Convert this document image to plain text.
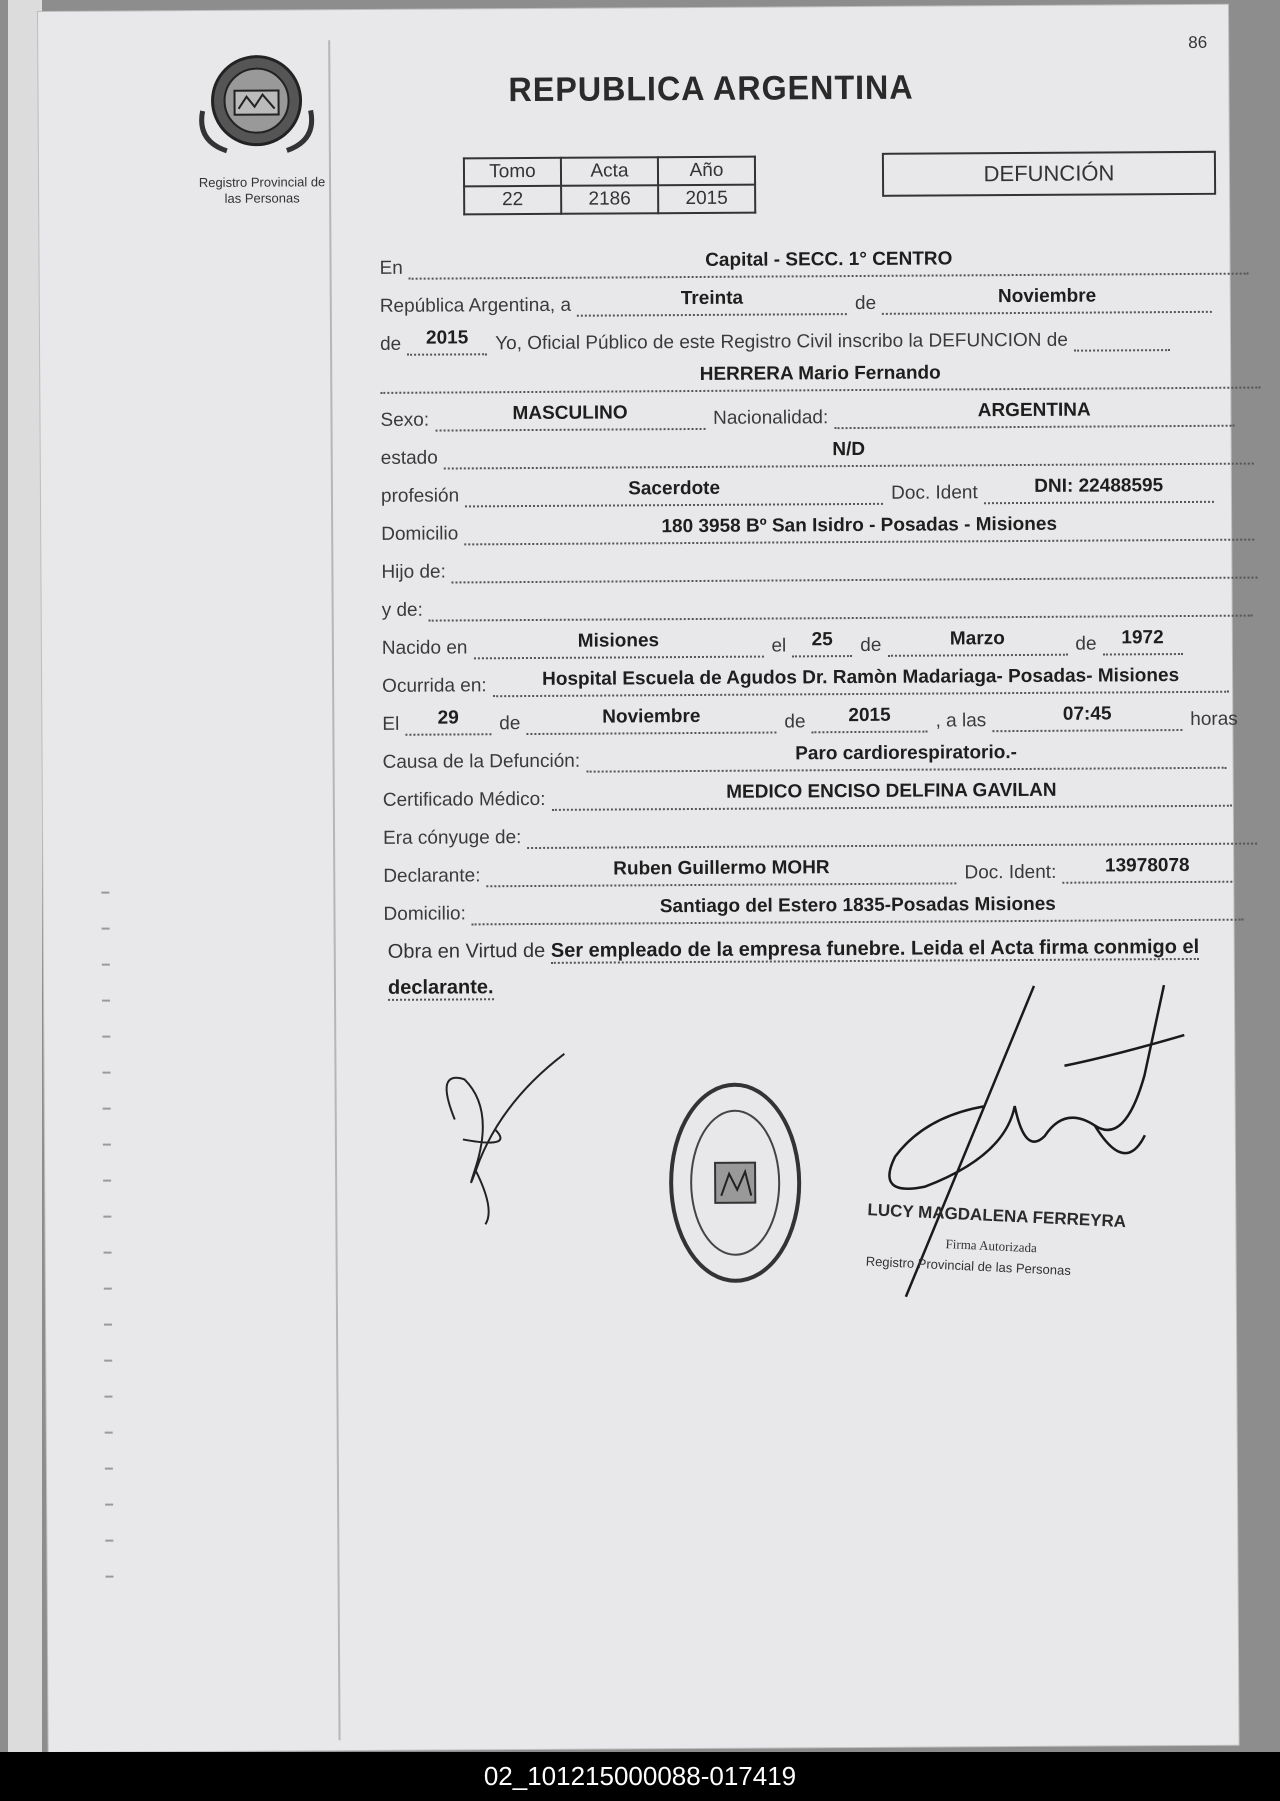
86
Registro Provincial de
las Personas
REPUBLICA ARGENTINA
Tomo	Acta	Año
22	2186	2015
DEFUNCIÓN
En	Capital - SECC. 1° CENTRO
República Argentina, a	Treinta	de	Noviembre
de	2015	Yo, Oficial Público de este Registro Civil inscribo la DEFUNCION de
HERRERA Mario Fernando
Sexo:	MASCULINO	Nacionalidad:	ARGENTINA
estado	N/D
profesión	Sacerdote	Doc. Ident	DNI: 22488595
Domicilio	180 3958 Bº San Isidro - Posadas - Misiones
Hijo de:
y de:
Nacido en	Misiones	el	25	de	Marzo	de	1972
Ocurrida en:	Hospital Escuela de Agudos Dr. Ramòn Madariaga- Posadas- Misiones
El	29	de	Noviembre	de	2015	, a las	07:45	horas
Causa de la Defunción:	Paro cardiorespiratorio.-
Certificado Médico:	MEDICO ENCISO DELFINA GAVILAN
Era cónyuge de:
Declarante:	Ruben Guillermo MOHR	Doc. Ident:	13978078
Domicilio:	Santiago del Estero 1835-Posadas Misiones
Obra en Virtud de Ser empleado de la empresa funebre. Leida el Acta firma conmigo el declarante.
LUCY MAGDALENA FERREYRA
Firma Autorizada
Registro Provincial de las Personas
02_101215000088-017419
